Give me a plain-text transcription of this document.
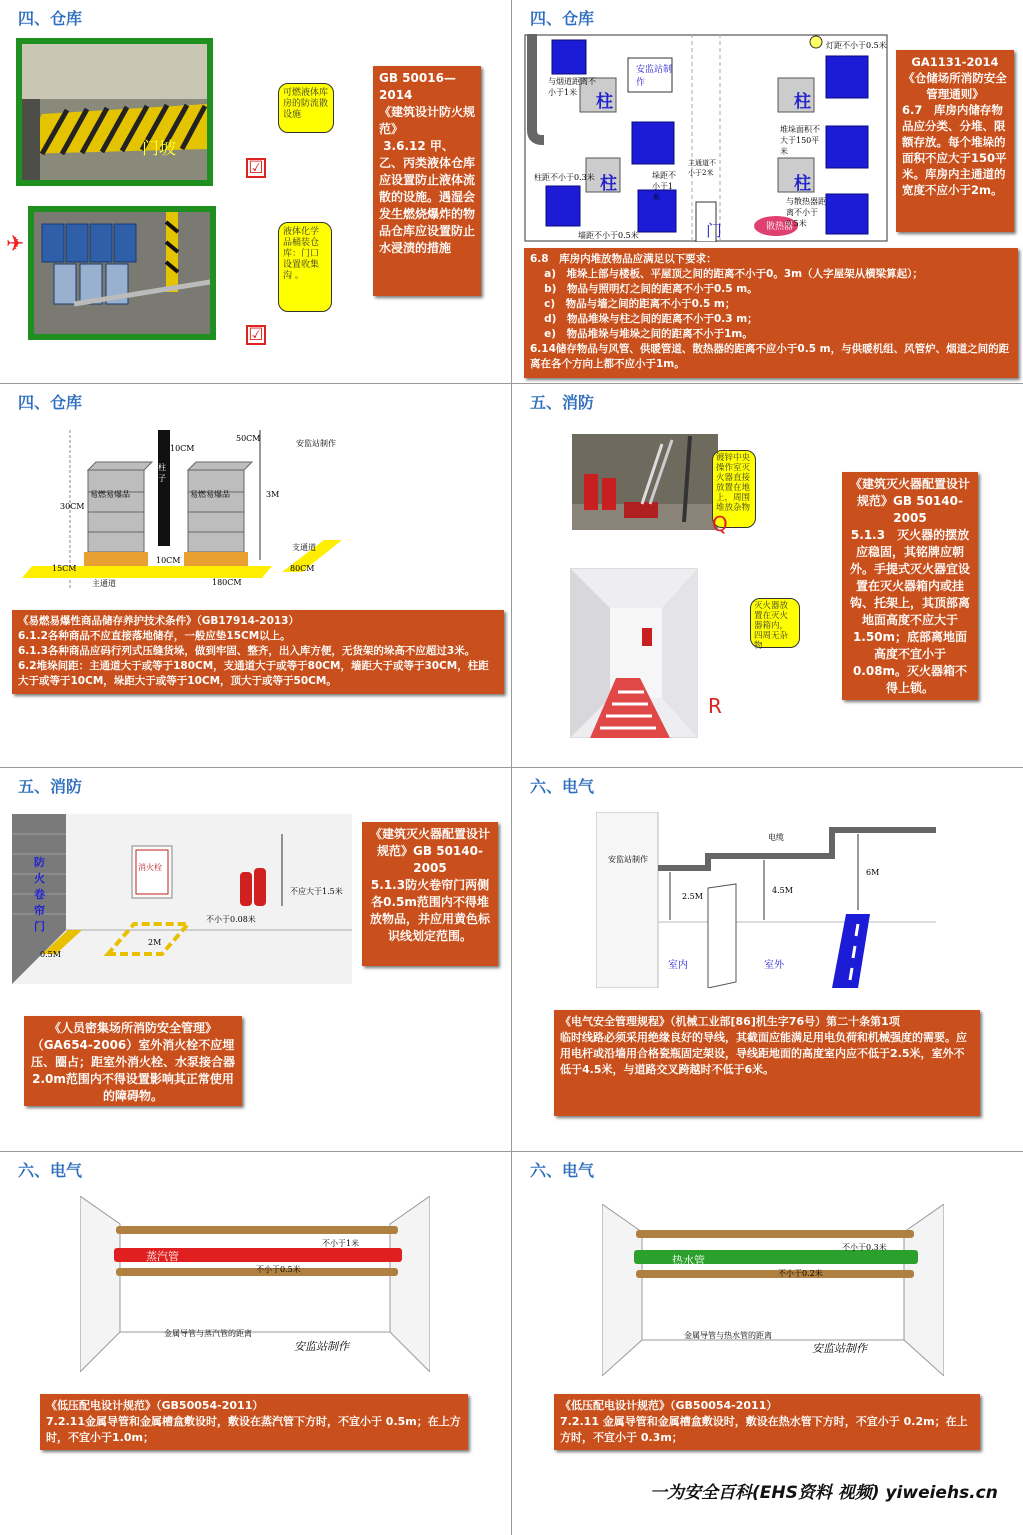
四、仓库
门坡
可燃液体库房的防流散设施
☑
✈	液体化学品桶装仓库：门口设置收集沟 。
☑

GB 50016—2014
《建筑设计防火规范》
3.6.12 甲、乙、丙类液体仓库应设置防止液体流散的设施。遇湿会发生燃烧爆炸的物品仓库应设置防止水浸渍的措施

四、仓库
柱	柱
柱	柱
安监站制作
灯距不小于0.5米
与烟道距离不小于1米
垛距不小于1米
柱距不小于0.3米
墙距不小于0.5米
堆垛面积不大于150平米
与散热器距离不小于0.5米
散热器
门
主通道不小于2米

GA1131-2014《仓储场所消防安全管理通则》

6.7　库房内储存物品应分类、分堆、限额存放。每个堆垛的面积不应大于150平米。库房内主通道的宽度不应小于2m。

6.8　库房内堆放物品应满足以下要求：
　 a)　堆垛上部与楼板、平屋顶之间的距离不小于0。3m（人字屋架从横梁算起）；
　 b)　物品与照明灯之间的距离不小于0.5 m。
　 c)　物品与墙之间的距离不小于0.5 m；
　 d)　物品堆垛与柱之间的距离不小于0.3 m；
　 e)　物品堆垛与堆垛之间的距离不小于1m。
6.14储存物品与风管、供暖管道、散热器的距离不应小于0.5 m，与供暖机组、风管炉、烟道之间的距离在各个方向上都不应小于1m。

四、仓库
50CM
安监站制作
10CM
易燃易爆品	易燃易爆品
柱子
30CM
3M
支通道
15CM
10CM
80CM
主通道	180CM

《易燃易爆性商品储存养护技术条件》（GB17914-2013）
6.1.2各种商品不应直接落地储存，一般应垫15CM以上。
6.1.3各种商品应码行列式压缝货垛，做到牢固、整齐，出入库方便，无货架的垛高不应超过3米。
6.2堆垛间距：主通道大于或等于180CM，支通道大于或等于80CM，墙距大于或等于30CM，柱距大于或等于10CM，垛距大于或等于10CM，顶大于或等于50CM。

五、消防
镀锌中央操作室灭火器直接放置在地上，周围堆放杂物
Q
灭火器放置在灭火器箱内，四周无杂物
R

《建筑灭火器配置设计规范》GB 50140-2005
5.1.3　灭火器的摆放应稳固，其铭牌应朝外。手提式灭火器宜设置在灭火器箱内或挂钩、托架上，其顶部离地面高度不应大于1.50m；底部离地面高度不宜小于0.08m。灭火器箱不得上锁。

五、消防
防火卷帘门
消火栓
不应大于1.5米
不小于0.08米
2M
0.5M

《建筑灭火器配置设计规范》GB 50140-2005
5.1.3防火卷帘门两侧各0.5m范围内不得堆放物品，并应用黄色标识线划定范围。

《人员密集场所消防安全管理》（GA654-2006）室外消火栓不应埋压、圈占；距室外消火栓、水泵接合器2.0m范围内不得设置影响其正常使用的障碍物。

六、电气
安监站制作
电缆
2.5M
4.5M
6M
室内	室外
道路

《电气安全管理规程》（机械工业部[86]机生字76号）第二十条第1项
临时线路必须采用绝缘良好的导线，其截面应能满足用电负荷和机械强度的需要。应用电杆或沿墙用合格瓷瓶固定架设，导线距地面的高度室内应不低于2.5米，室外不低于4.5米，与道路交叉跨越时不低于6米。

六、电气
蒸汽管
不小于1米
不小于0.5米
金属导管与蒸汽管的距离
安监站制作

《低压配电设计规范》（GB50054-2011）
7.2.11金属导管和金属槽盒敷设时，敷设在蒸汽管下方时，不宜小于 0.5m；在上方时，不宜小于1.0m；

六、电气
热水管
不小于0.3米
不小于0.2米
金属导管与热水管的距离
安监站制作

《低压配电设计规范》（GB50054-2011）
7.2.11 金属导管和金属槽盒敷设时，敷设在热水管下方时，不宜小于 0.2m；在上方时，不宜小于 0.3m；

一为安全百科(EHS资料 视频) yiweiehs.cn
